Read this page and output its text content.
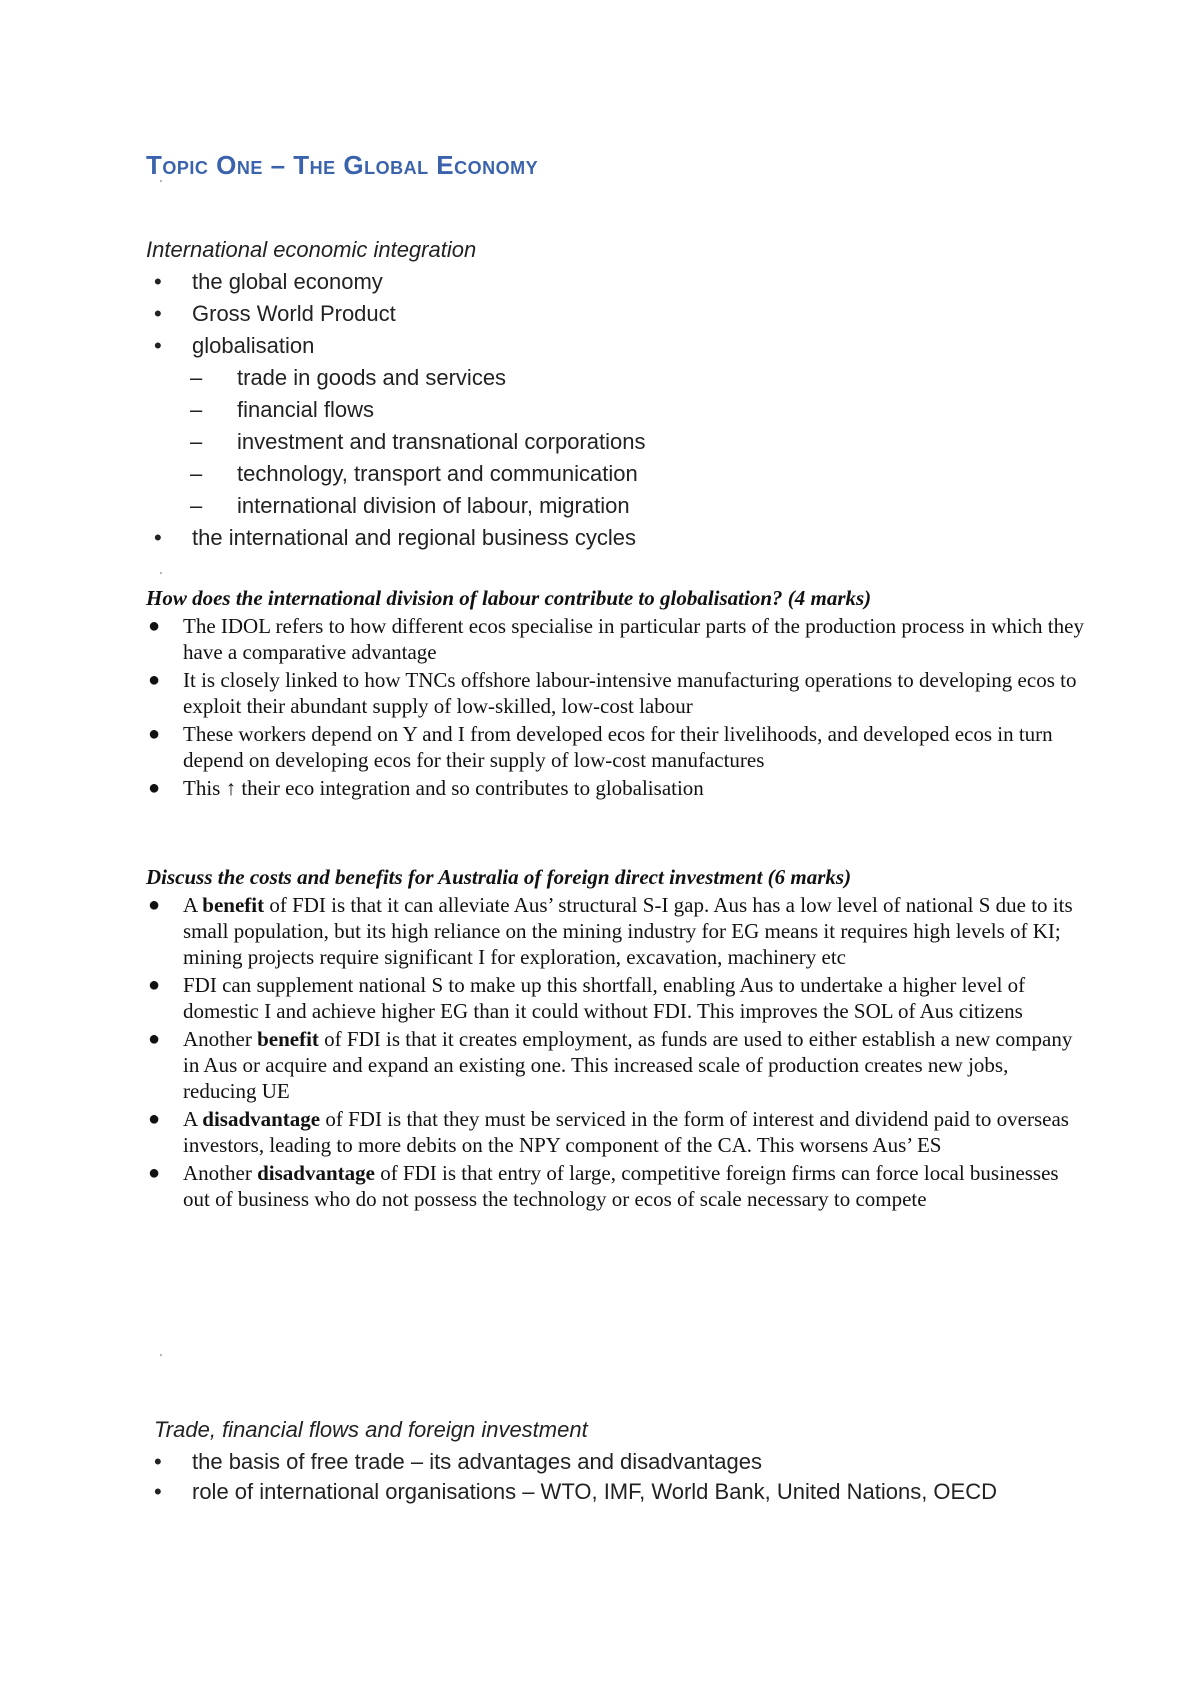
Topic One – The Global Economy
'
International economic integration
•	the global economy
•	Gross World Product
•	globalisation
–	trade in goods and services
–	financial flows
–	investment and transnational corporations
–	technology, transport and communication
–	international division of labour, migration
•	the international and regional business cycles
'
How does the international division of labour contribute to globalisation? (4 marks)
●	The IDOL refers to how different ecos specialise in particular parts of the production process in which they have a comparative advantage
●	It is closely linked to how TNCs offshore labour-intensive manufacturing operations to developing ecos to exploit their abundant supply of low-skilled, low-cost labour
●	These workers depend on Y and I from developed ecos for their livelihoods, and developed ecos in turn depend on developing ecos for their supply of low-cost manufactures
●	This ↑ their eco integration and so contributes to globalisation
Discuss the costs and benefits for Australia of foreign direct investment (6 marks)
●	A benefit of FDI is that it can alleviate Aus’ structural S-I gap. Aus has a low level of national S due to its small population, but its high reliance on the mining industry for EG means it requires high levels of KI; mining projects require significant I for exploration, excavation, machinery etc
●	FDI can supplement national S to make up this shortfall, enabling Aus to undertake a higher level of domestic I and achieve higher EG than it could without FDI. This improves the SOL of Aus citizens
●	Another benefit of FDI is that it creates employment, as funds are used to either establish a new company in Aus or acquire and expand an existing one. This increased scale of production creates new jobs, reducing UE
●	A disadvantage of FDI is that they must be serviced in the form of interest and dividend paid to overseas investors, leading to more debits on the NPY component of the CA. This worsens Aus’ ES
●	Another disadvantage of FDI is that entry of large, competitive foreign firms can force local businesses out of business who do not possess the technology or ecos of scale necessary to compete
'
Trade, financial flows and foreign investment
•	the basis of free trade – its advantages and disadvantages
•	role of international organisations – WTO, IMF, World Bank, United Nations, OECD
